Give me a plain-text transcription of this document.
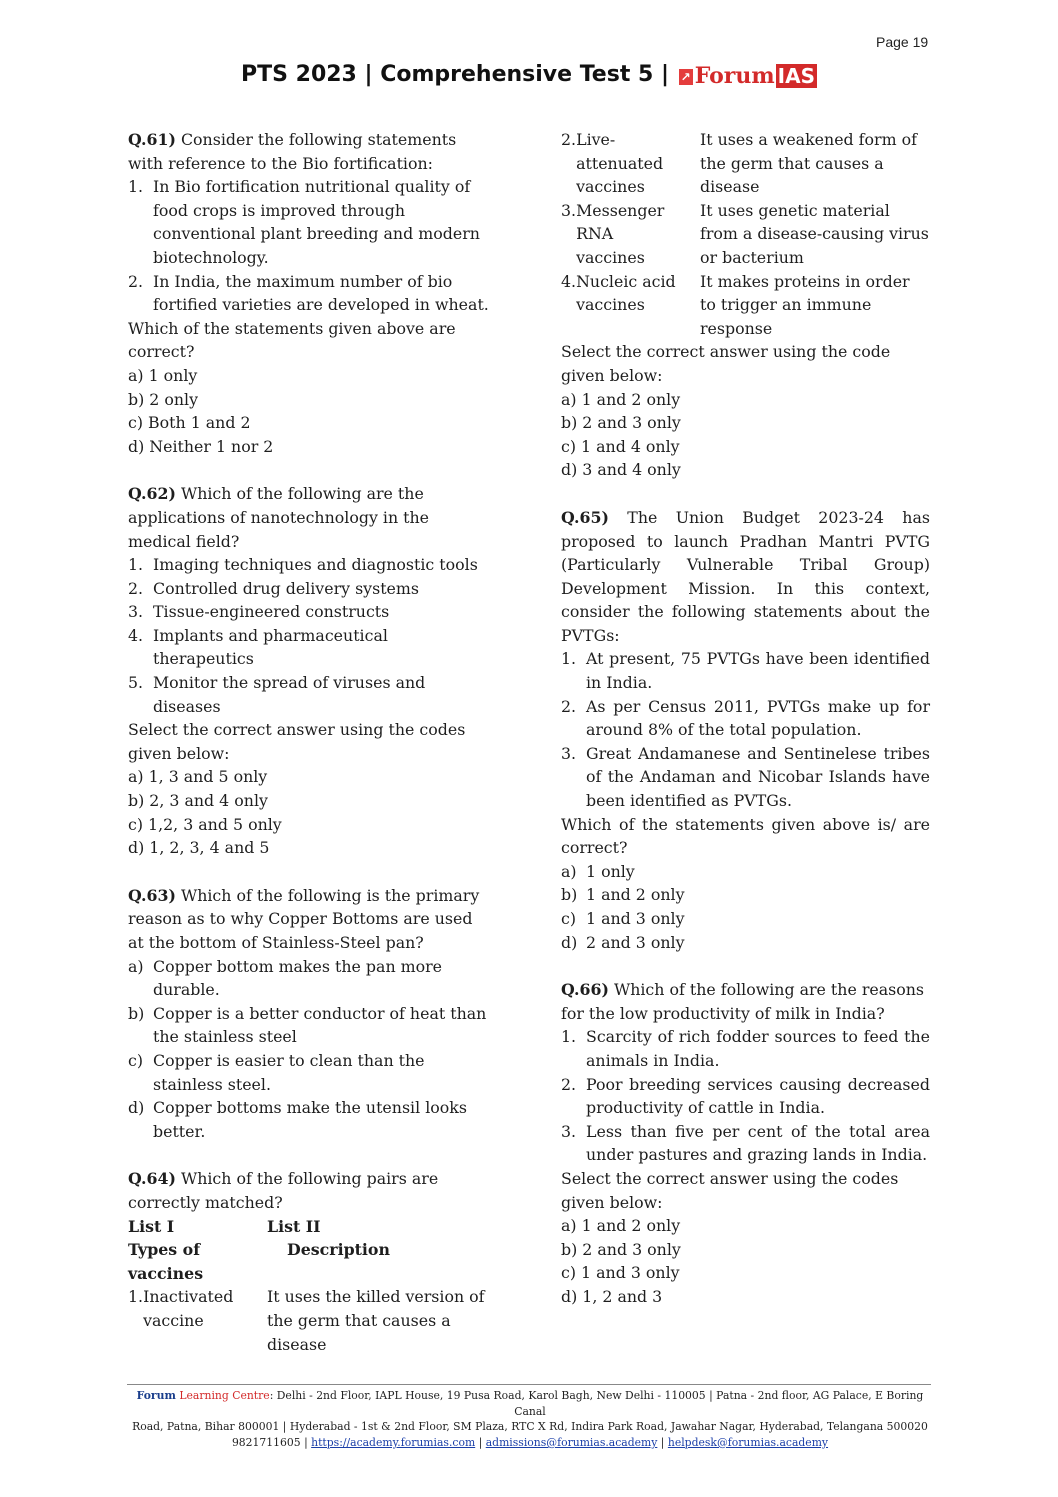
Page 19
PTS 2023 | Comprehensive Test 5 | ↗ Forum IAS
Q.61) Consider the following statements with reference to the Bio fortification:
1. In Bio fortification nutritional quality of food crops is improved through conventional plant breeding and modern biotechnology.
2. In India, the maximum number of bio fortified varieties are developed in wheat.
Which of the statements given above are correct?
a) 1 only
b) 2 only
c) Both 1 and 2
d) Neither 1 nor 2
Q.62) Which of the following are the applications of nanotechnology in the medical field?
1. Imaging techniques and diagnostic tools
2. Controlled drug delivery systems
3. Tissue-engineered constructs
4. Implants and pharmaceutical therapeutics
5. Monitor the spread of viruses and diseases
Select the correct answer using the codes given below:
a) 1, 3 and 5 only
b) 2, 3 and 4 only
c) 1,2, 3 and 5 only
d) 1, 2, 3, 4 and 5
Q.63) Which of the following is the primary reason as to why Copper Bottoms are used at the bottom of Stainless-Steel pan?
a) Copper bottom makes the pan more durable.
b) Copper is a better conductor of heat than the stainless steel
c) Copper is easier to clean than the stainless steel.
d) Copper bottoms make the utensil looks better.
Q.64) Which of the following pairs are correctly matched?
List I	List II
Types of vaccines
Description
1. Inactivated vaccine
It uses the killed version of the germ that causes a disease
2. Live-attenuated vaccines
It uses a weakened form of the germ that causes a disease
3. Messenger RNA vaccines
It uses genetic material from a disease-causing virus or bacterium
4. Nucleic acid vaccines
It makes proteins in order to trigger an immune response
Select the correct answer using the code given below:
a) 1 and 2 only
b) 2 and 3 only
c) 1 and 4 only
d) 3 and 4 only
Q.65) The Union Budget 2023-24 has proposed to launch Pradhan Mantri PVTG (Particularly Vulnerable Tribal Group) Development Mission. In this context, consider the following statements about the PVTGs:
1. At present, 75 PVTGs have been identified in India.
2. As per Census 2011, PVTGs make up for around 8% of the total population.
3. Great Andamanese and Sentinelese tribes of the Andaman and Nicobar Islands have been identified as PVTGs.
Which of the statements given above is/ are correct?
a) 1 only
b) 1 and 2 only
c) 1 and 3 only
d) 2 and 3 only
Q.66) Which of the following are the reasons for the low productivity of milk in India?
1. Scarcity of rich fodder sources to feed the animals in India.
2. Poor breeding services causing decreased productivity of cattle in India.
3. Less than five per cent of the total area under pastures and grazing lands in India.
Select the correct answer using the codes given below:
a) 1 and 2 only
b) 2 and 3 only
c) 1 and 3 only
d) 1, 2 and 3
Forum Learning Centre: Delhi - 2nd Floor, IAPL House, 19 Pusa Road, Karol Bagh, New Delhi - 110005 | Patna - 2nd floor, AG Palace, E Boring Canal
Road, Patna, Bihar 800001 | Hyderabad - 1st & 2nd Floor, SM Plaza, RTC X Rd, Indira Park Road, Jawahar Nagar, Hyderabad, Telangana 500020
9821711605 | https://academy.forumias.com | admissions@forumias.academy | helpdesk@forumias.academy
